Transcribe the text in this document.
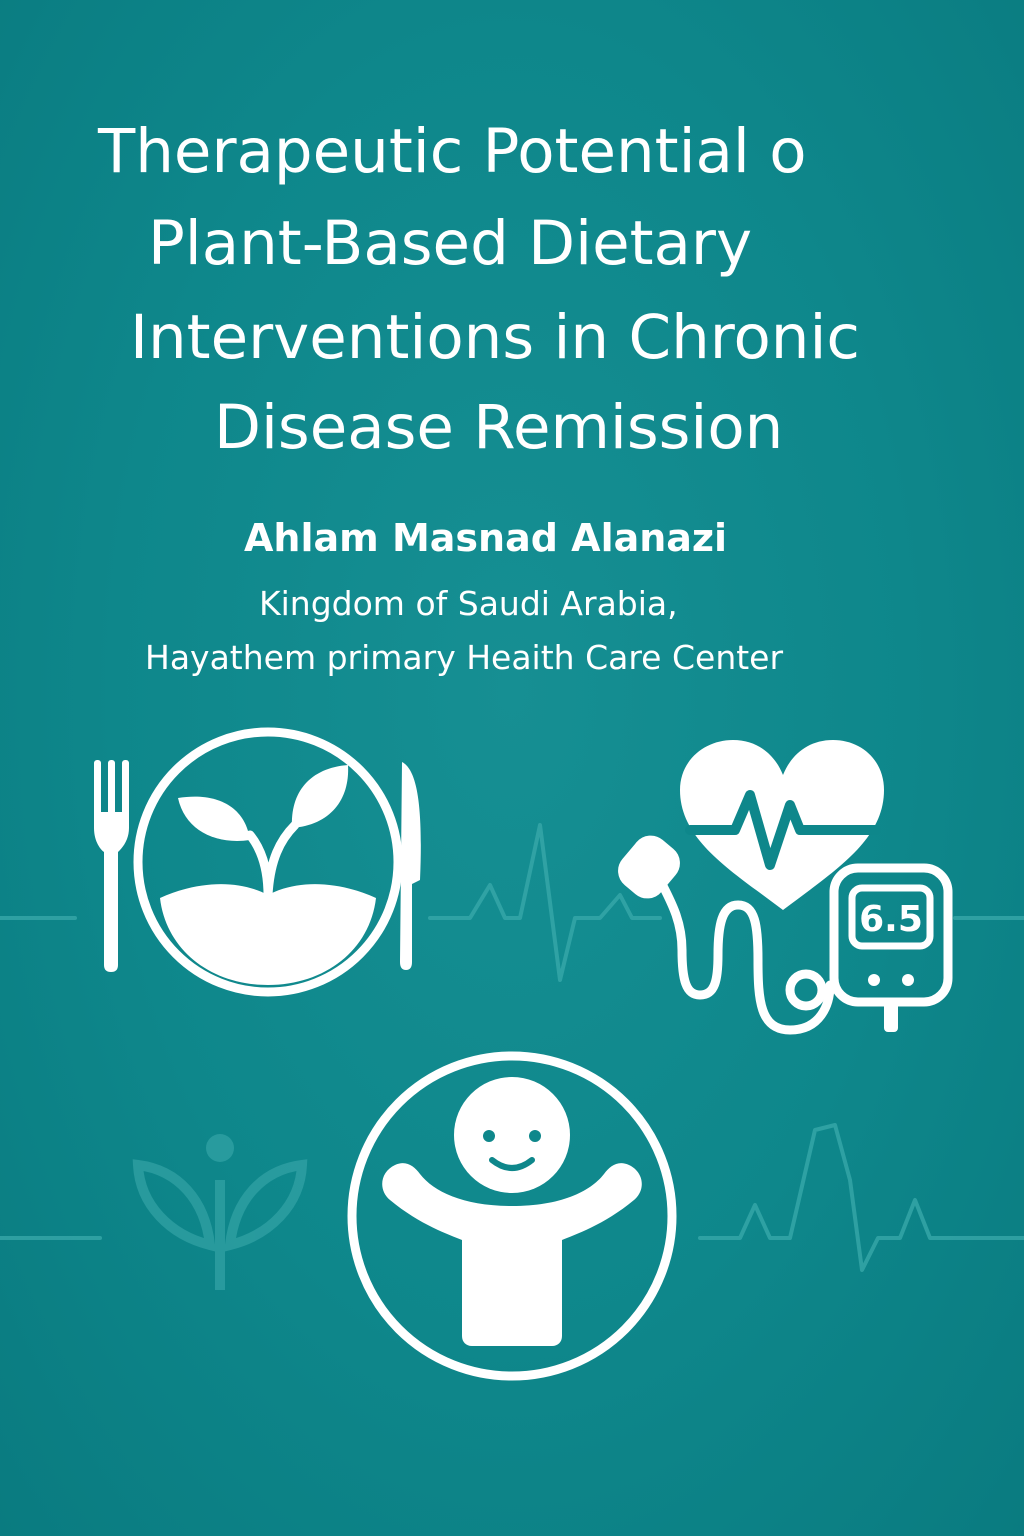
Therapeutic Potential o
Plant-Based Dietary
Interventions in Chronic
Disease Remission

Ahlam Masnad Alanazi

Kingdom of Saudi Arabia,

Hayathem primary Heaith Care Center

6.5
